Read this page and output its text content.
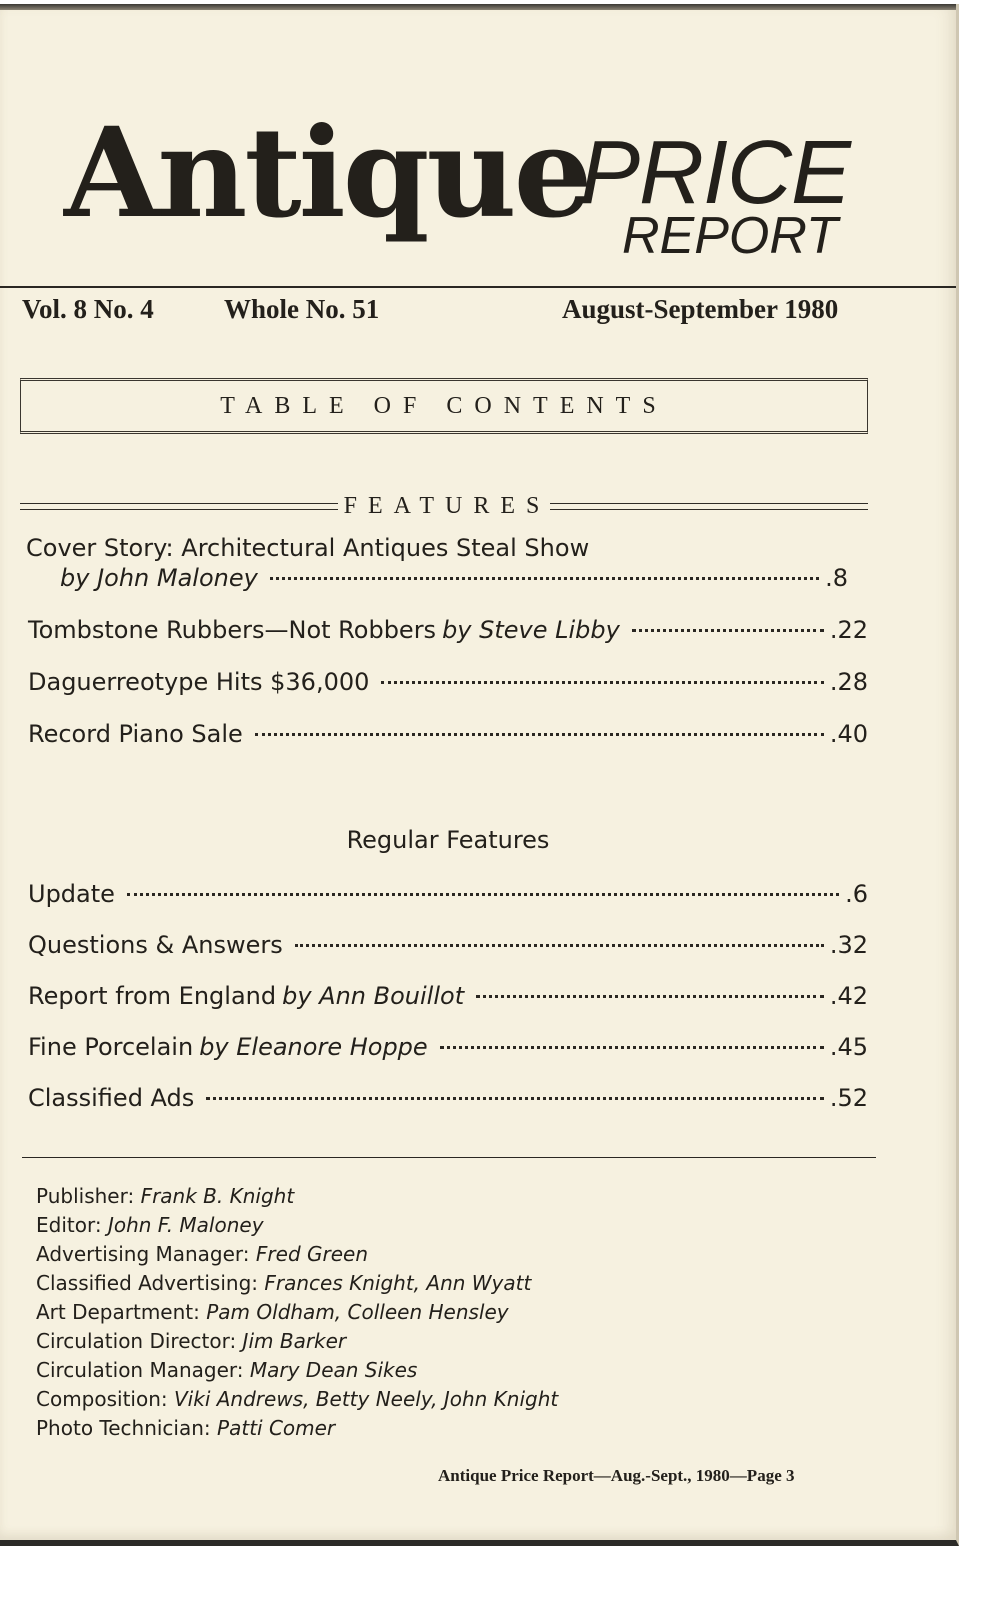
Antique
PRICE
REPORT
Vol. 8 No. 4	Whole No. 51	August-September 1980
TABLE OF CONTENTS
FEATURES
Cover Story: Architectural Antiques Steal Show
by John Maloney	.8
Tombstone Rubbers—Not Robbers by Steve Libby	.22
Daguerreotype Hits $36,000	.28
Record Piano Sale	.40
Regular Features
Update	.6
Questions & Answers	.32
Report from England by Ann Bouillot	.42
Fine Porcelain by Eleanore Hoppe	.45
Classified Ads	.52
Publisher: Frank B. Knight
Editor: John F. Maloney
Advertising Manager: Fred Green
Classified Advertising: Frances Knight, Ann Wyatt
Art Department: Pam Oldham, Colleen Hensley
Circulation Director: Jim Barker
Circulation Manager: Mary Dean Sikes
Composition: Viki Andrews, Betty Neely, John Knight
Photo Technician: Patti Comer
Antique Price Report—Aug.-Sept., 1980—Page 3
